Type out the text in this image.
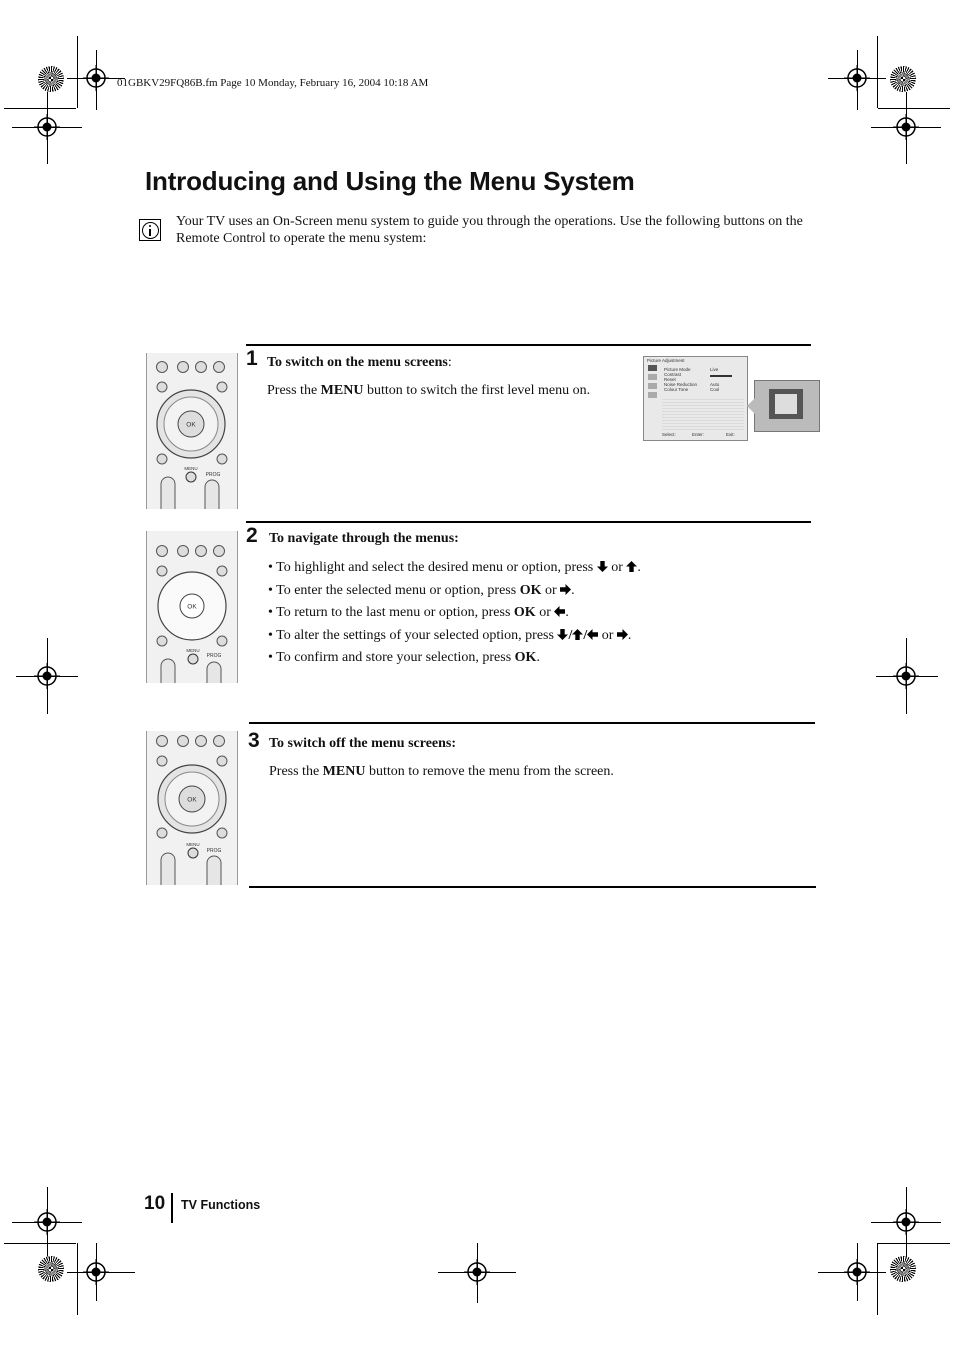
01GBKV29FQ86B.fm Page 10 Monday, February 16, 2004 10:18 AM
Introducing and Using the Menu System
Your TV uses an On-Screen menu system to guide you through the operations. Use the following buttons on the Remote Control to operate the menu system:
OK
MENU
PROG
1 To switch on the menu screens:
Press the MENU button to switch the first level menu on.
Picture Adjustment
Picture Mode	Live
Contrast
Reset
Noise Reduction	Auto
Colour Tone	Cool
Select:	Enter:	Exit:
OK
MENU
PROG
2 To navigate through the menus:
• To highlight and select the desired menu or option, press  or .
• To enter the selected menu or option, press OK or .
• To return to the last menu or option, press OK or .
• To alter the settings of your selected option, press / / or .
• To confirm and store your selection, press OK.
OK
MENU
PROG
3 To switch off the menu screens:
Press the MENU button to remove the menu from the screen.
10 TV Functions
